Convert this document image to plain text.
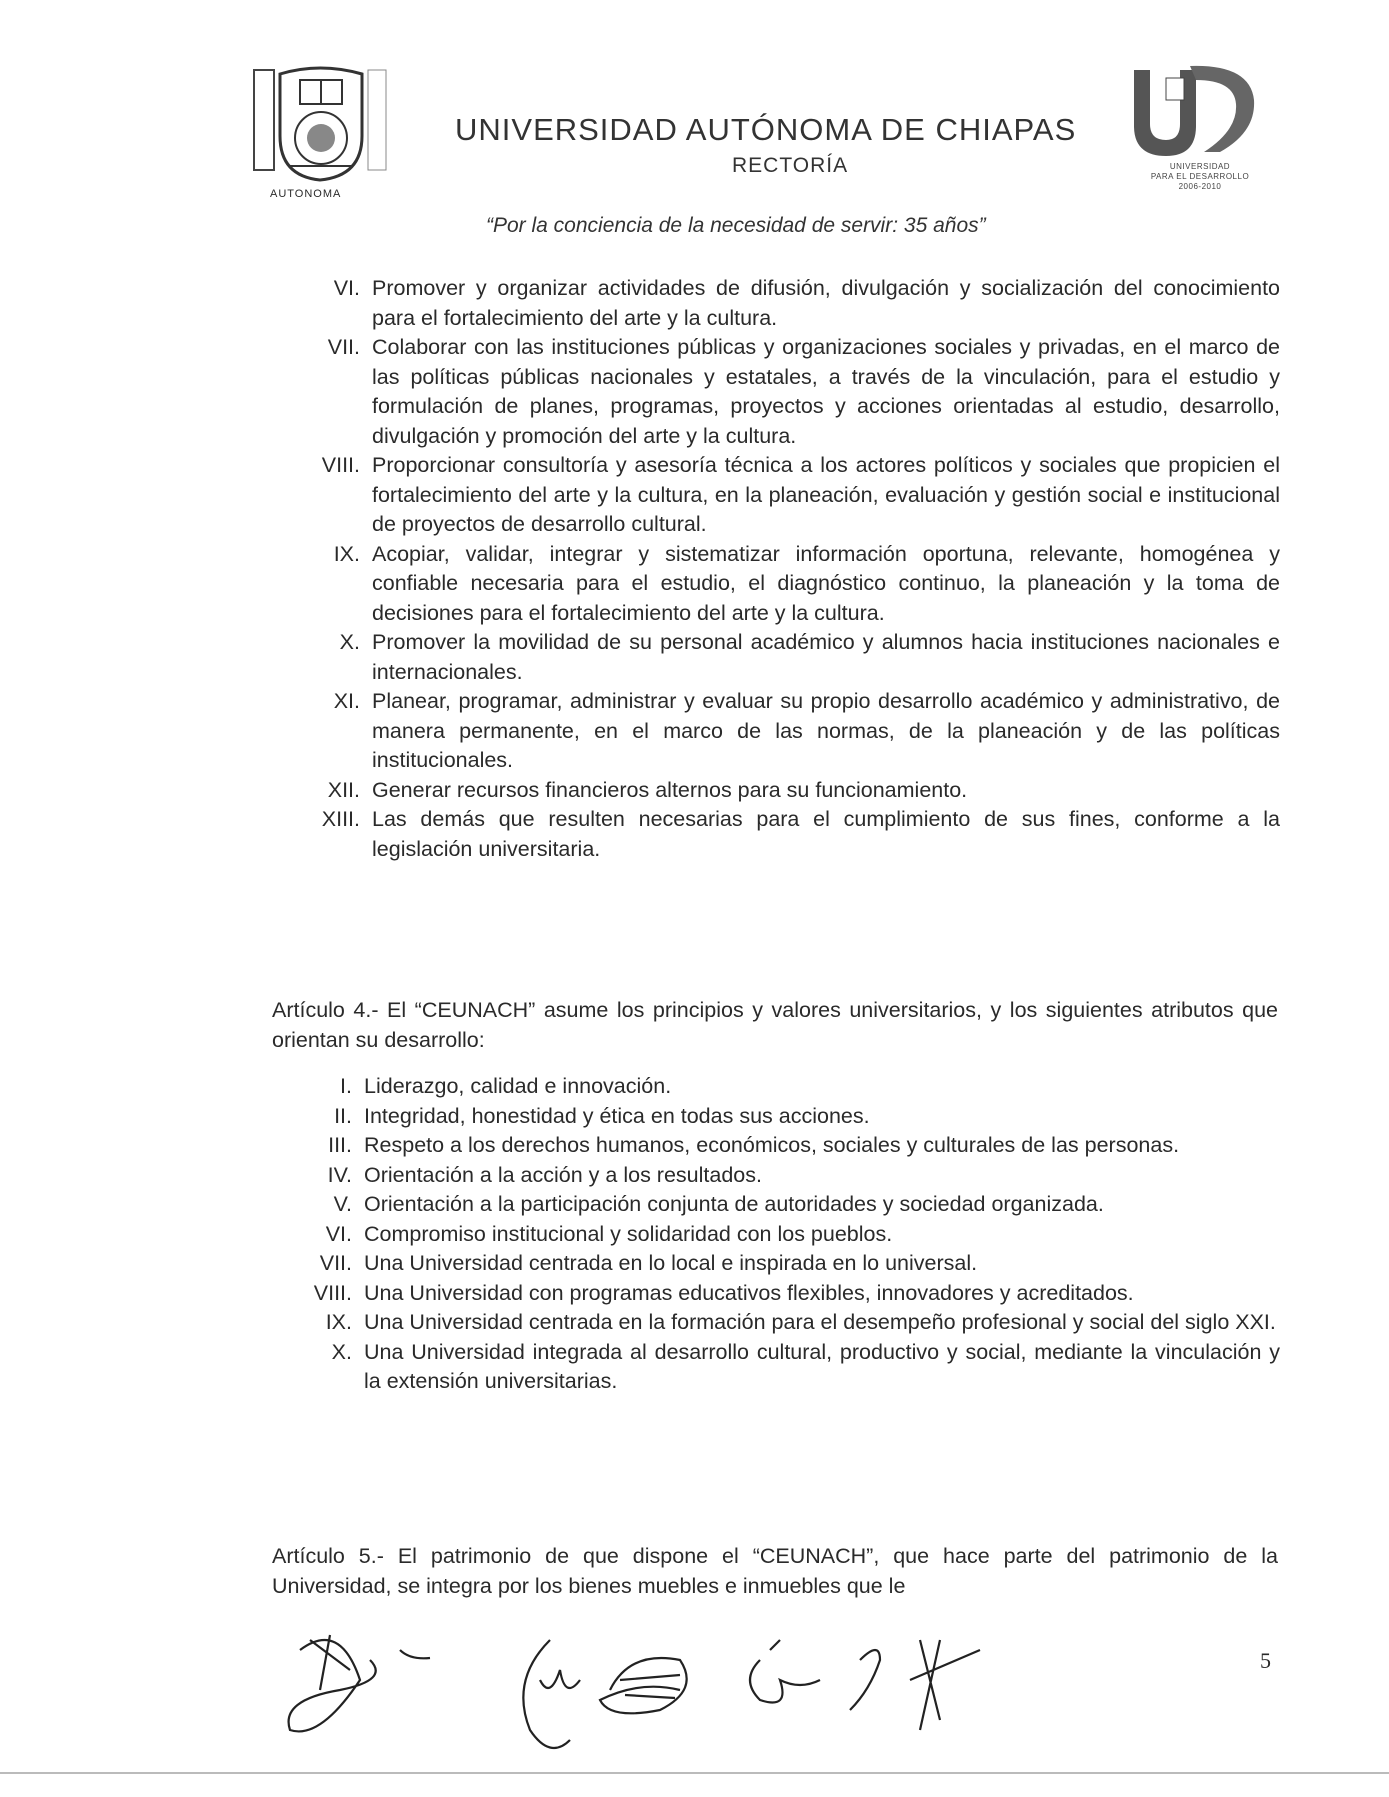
AUTONOMA
UNIVERSIDAD AUTÓNOMA DE CHIAPAS
RECTORÍA
“Por la conciencia de la necesidad de servir: 35 años”
UNIVERSIDAD
PARA EL DESARROLLO
2006-2010
VI. Promover y organizar actividades de difusión, divulgación y socialización del conocimiento para el fortalecimiento del arte y la cultura.
VII. Colaborar con las instituciones públicas y organizaciones sociales y privadas, en el marco de las políticas públicas nacionales y estatales, a través de la vinculación, para el estudio y formulación de planes, programas, proyectos y acciones orientadas al estudio, desarrollo, divulgación y promoción del arte y la cultura.
VIII. Proporcionar consultoría y asesoría técnica a los actores políticos y sociales que propicien el fortalecimiento del arte y la cultura, en la planeación, evaluación y gestión social e institucional de proyectos de desarrollo cultural.
IX. Acopiar, validar, integrar y sistematizar información oportuna, relevante, homogénea y confiable necesaria para el estudio, el diagnóstico continuo, la planeación y la toma de decisiones para el fortalecimiento del arte y la cultura.
X. Promover la movilidad de su personal académico y alumnos hacia instituciones nacionales e internacionales.
XI. Planear, programar, administrar y evaluar su propio desarrollo académico y administrativo, de manera permanente, en el marco de las normas, de la planeación y de las políticas institucionales.
XII. Generar recursos financieros alternos para su funcionamiento.
XIII. Las demás que resulten necesarias para el cumplimiento de sus fines, conforme a la legislación universitaria.
Artículo 4.- El “CEUNACH” asume los principios y valores universitarios, y los siguientes atributos que orientan su desarrollo:
I. Liderazgo, calidad e innovación.
II. Integridad, honestidad y ética en todas sus acciones.
III. Respeto a los derechos humanos, económicos, sociales y culturales de las personas.
IV. Orientación a la acción y a los resultados.
V. Orientación a la participación conjunta de autoridades y sociedad organizada.
VI. Compromiso institucional y solidaridad con los pueblos.
VII. Una Universidad centrada en lo local e inspirada en lo universal.
VIII. Una Universidad con programas educativos flexibles, innovadores y acreditados.
IX. Una Universidad centrada en la formación para el desempeño profesional y social del siglo XXI.
X. Una Universidad integrada al desarrollo cultural, productivo y social, mediante la vinculación y la extensión universitarias.
Artículo 5.- El patrimonio de que dispone el “CEUNACH”, que hace parte del patrimonio de la Universidad, se integra por los bienes muebles e inmuebles que le
5
